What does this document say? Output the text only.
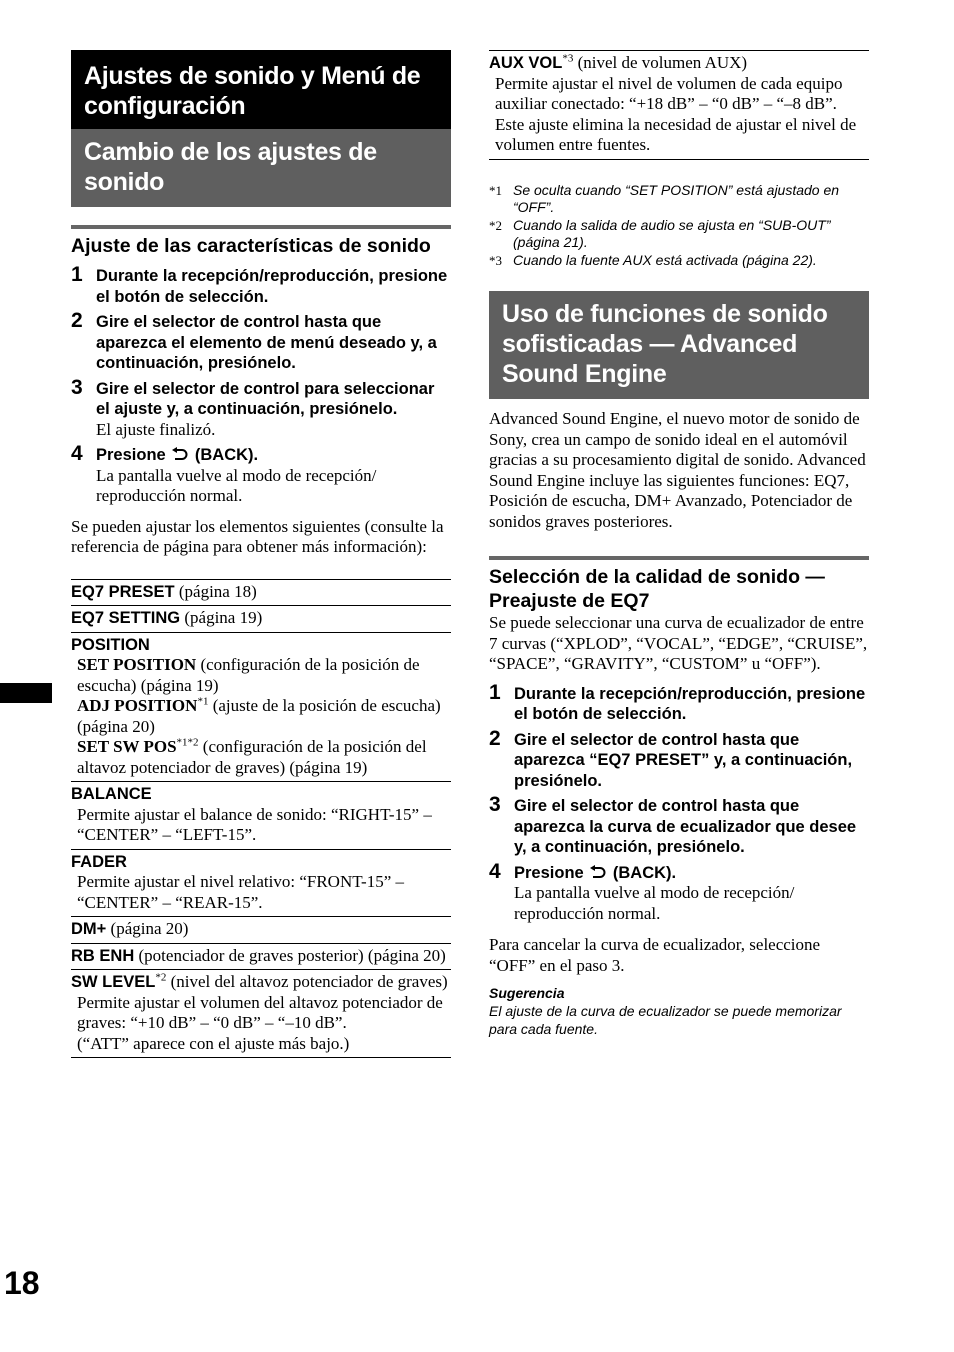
Ajustes de sonido y Menú de
configuración
Cambio de los ajustes de
sonido
Ajuste de las características de sonido
1 Durante la recepción/reproducción, presione el botón de selección.
2 Gire el selector de control hasta que aparezca el elemento de menú deseado y, a continuación, presiónelo.
3 Gire el selector de control para seleccionar el ajuste y, a continuación, presiónelo.
El ajuste finalizó.
4 Presione (BACK).
La pantalla vuelve al modo de recepción/ reproducción normal.
Se pueden ajustar los elementos siguientes (consulte la referencia de página para obtener más información):
EQ7 PRESET (página 18)
EQ7 SETTING (página 19)
POSITION
SET POSITION (configuración de la posición de escucha) (página 19)
ADJ POSITION$^{*1}$ (ajuste de la posición de escucha) (página 20)
SET SW $POS^{*1*2}$ (configuración de la posición del altavoz potenciador de graves) (página 19)
BALANCE
Permite ajustar el balance de sonido: “RIGHT-15” – “CENTER” – “LEFT-15”.
FADER
Permite ajustar el nivel relativo: “FRONT-15” – “CENTER” – “REAR-15”.
DM+ (página 20)
RB ENH (potenciador de graves posterior) (página 20)
SW LEVEL$^{*2}$ (nivel del altavoz potenciador de graves)
Permite ajustar el volumen del altavoz potenciador de graves: “+10 dB” – “0 dB” – “–10 dB”.
(“ATT” aparece con el ajuste más bajo.)
AUX VOL$^{*3}$ (nivel de volumen AUX)
Permite ajustar el nivel de volumen de cada equipo auxiliar conectado: “+18 dB” – “0 dB” – “–8 dB”.
Este ajuste elimina la necesidad de ajustar el nivel de volumen entre fuentes.
*1 Se oculta cuando “SET POSITION” está ajustado en “OFF”.
*2 Cuando la salida de audio se ajusta en “SUB-OUT” (página 21).
*3 Cuando la fuente AUX está activada (página 22).
Uso de funciones de sonido
sofisticadas — Advanced
Sound Engine
Advanced Sound Engine, el nuevo motor de sonido de Sony, crea un campo de sonido ideal en el automóvil gracias a su procesamiento digital de sonido. Advanced Sound Engine incluye las siguientes funciones: EQ7, Posición de escucha, DM+ Avanzado, Potenciador de sonidos graves posteriores.
Selección de la calidad de sonido — Preajuste de EQ7
Se puede seleccionar una curva de ecualizador de entre 7 curvas (“XPLOD”, “VOCAL”, “EDGE”, “CRUISE”, “SPACE”, “GRAVITY”, “CUSTOM” u “OFF”).
1 Durante la recepción/reproducción, presione el botón de selección.
2 Gire el selector de control hasta que aparezca “EQ7 PRESET” y, a continuación, presiónelo.
3 Gire el selector de control hasta que aparezca la curva de ecualizador que desee y, a continuación, presiónelo.
4 Presione (BACK).
La pantalla vuelve al modo de recepción/ reproducción normal.
Para cancelar la curva de ecualizador, seleccione “OFF” en el paso 3.
Sugerencia
El ajuste de la curva de ecualizador se puede memorizar para cada fuente.
18
